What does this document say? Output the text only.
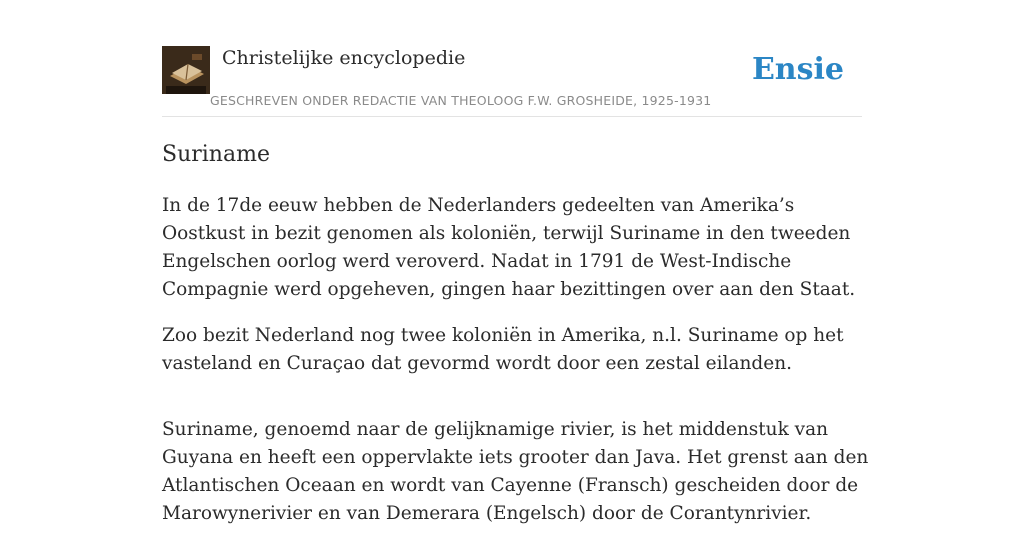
Christelijke encyclopedie
GESCHREVEN ONDER REDACTIE VAN THEOLOOG F.W. GROSHEIDE, 1925-1931
Ensie
Suriname

In de 17de eeuw hebben de Nederlanders gedeelten van Amerika’s Oostkust in bezit genomen als koloniën, terwijl Suriname in den tweeden Engelschen oorlog werd veroverd. Nadat in 1791 de West-Indische Compagnie werd opgeheven, gingen haar bezittingen over aan den Staat.

Zoo bezit Nederland nog twee koloniën in Amerika, n.l. Suriname op het vasteland en Curaçao dat gevormd wordt door een zestal eilanden.

Suriname, genoemd naar de gelijknamige rivier, is het middenstuk van Guyana en heeft een oppervlakte iets grooter dan Java. Het grenst aan den Atlantischen Oceaan en wordt van Cayenne (Fransch) gescheiden door de Marowynerivier en van Demerara (Engelsch) door de Corantynrivier.
